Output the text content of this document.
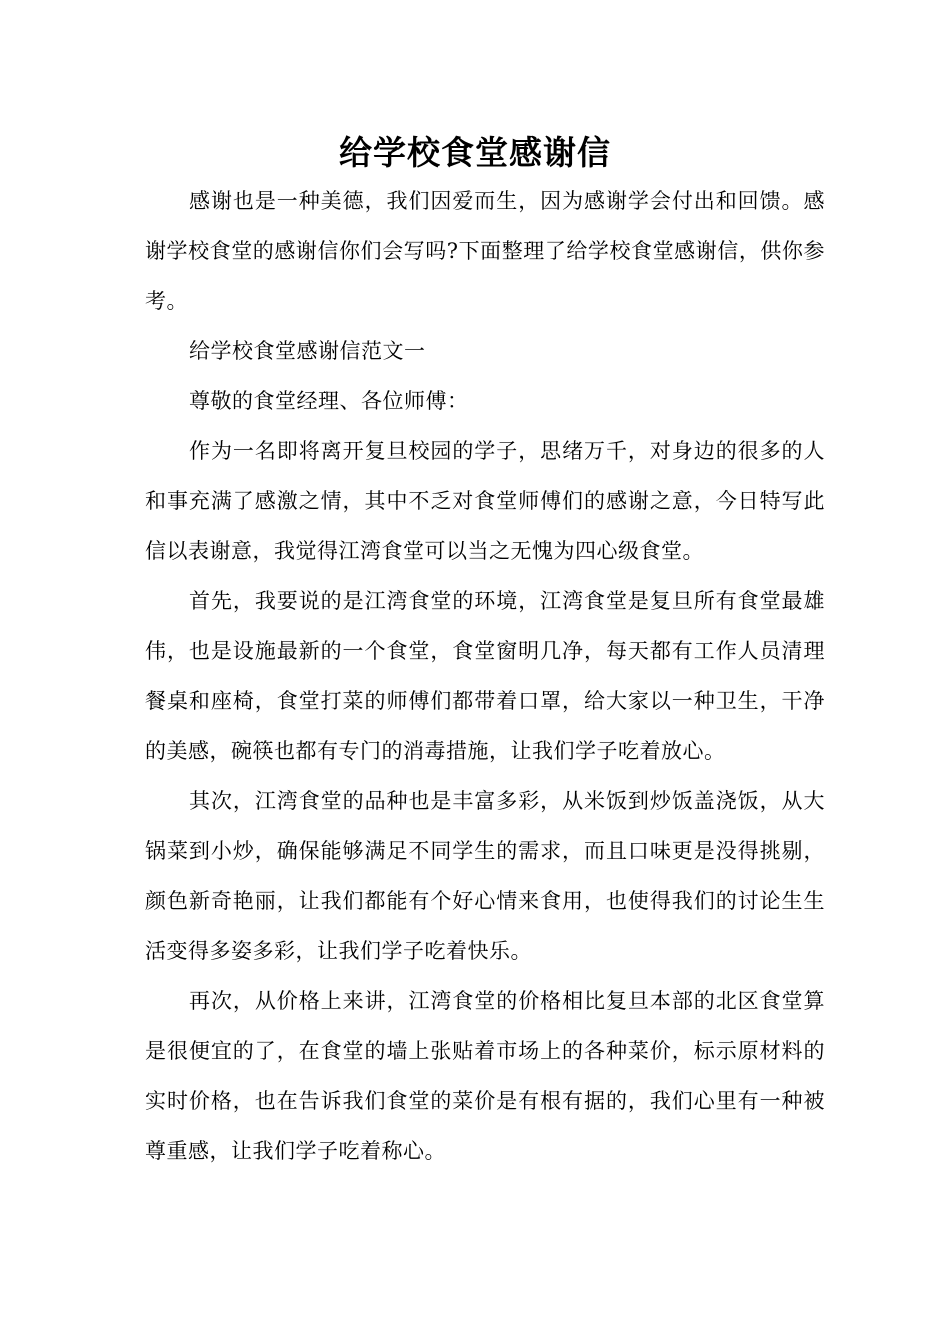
给学校食堂感谢信

感谢也是一种美德，我们因爱而生，因为感谢学会付出和回馈。感谢学校食堂的感谢信你们会写吗?下面整理了给学校食堂感谢信，供你参考。

给学校食堂感谢信范文一

尊敬的食堂经理、各位师傅：

作为一名即将离开复旦校园的学子，思绪万千，对身边的很多的人和事充满了感激之情，其中不乏对食堂师傅们的感谢之意，今日特写此信以表谢意，我觉得江湾食堂可以当之无愧为四心级食堂。

首先，我要说的是江湾食堂的环境，江湾食堂是复旦所有食堂最雄伟，也是设施最新的一个食堂，食堂窗明几净，每天都有工作人员清理餐桌和座椅，食堂打菜的师傅们都带着口罩，给大家以一种卫生，干净的美感，碗筷也都有专门的消毒措施，让我们学子吃着放心。

其次，江湾食堂的品种也是丰富多彩，从米饭到炒饭盖浇饭，从大锅菜到小炒，确保能够满足不同学生的需求，而且口味更是没得挑剔，颜色新奇艳丽，让我们都能有个好心情来食用，也使得我们的讨论生生活变得多姿多彩，让我们学子吃着快乐。

再次，从价格上来讲，江湾食堂的价格相比复旦本部的北区食堂算是很便宜的了，在食堂的墙上张贴着市场上的各种菜价，标示原材料的实时价格，也在告诉我们食堂的菜价是有根有据的，我们心里有一种被尊重感，让我们学子吃着称心。
